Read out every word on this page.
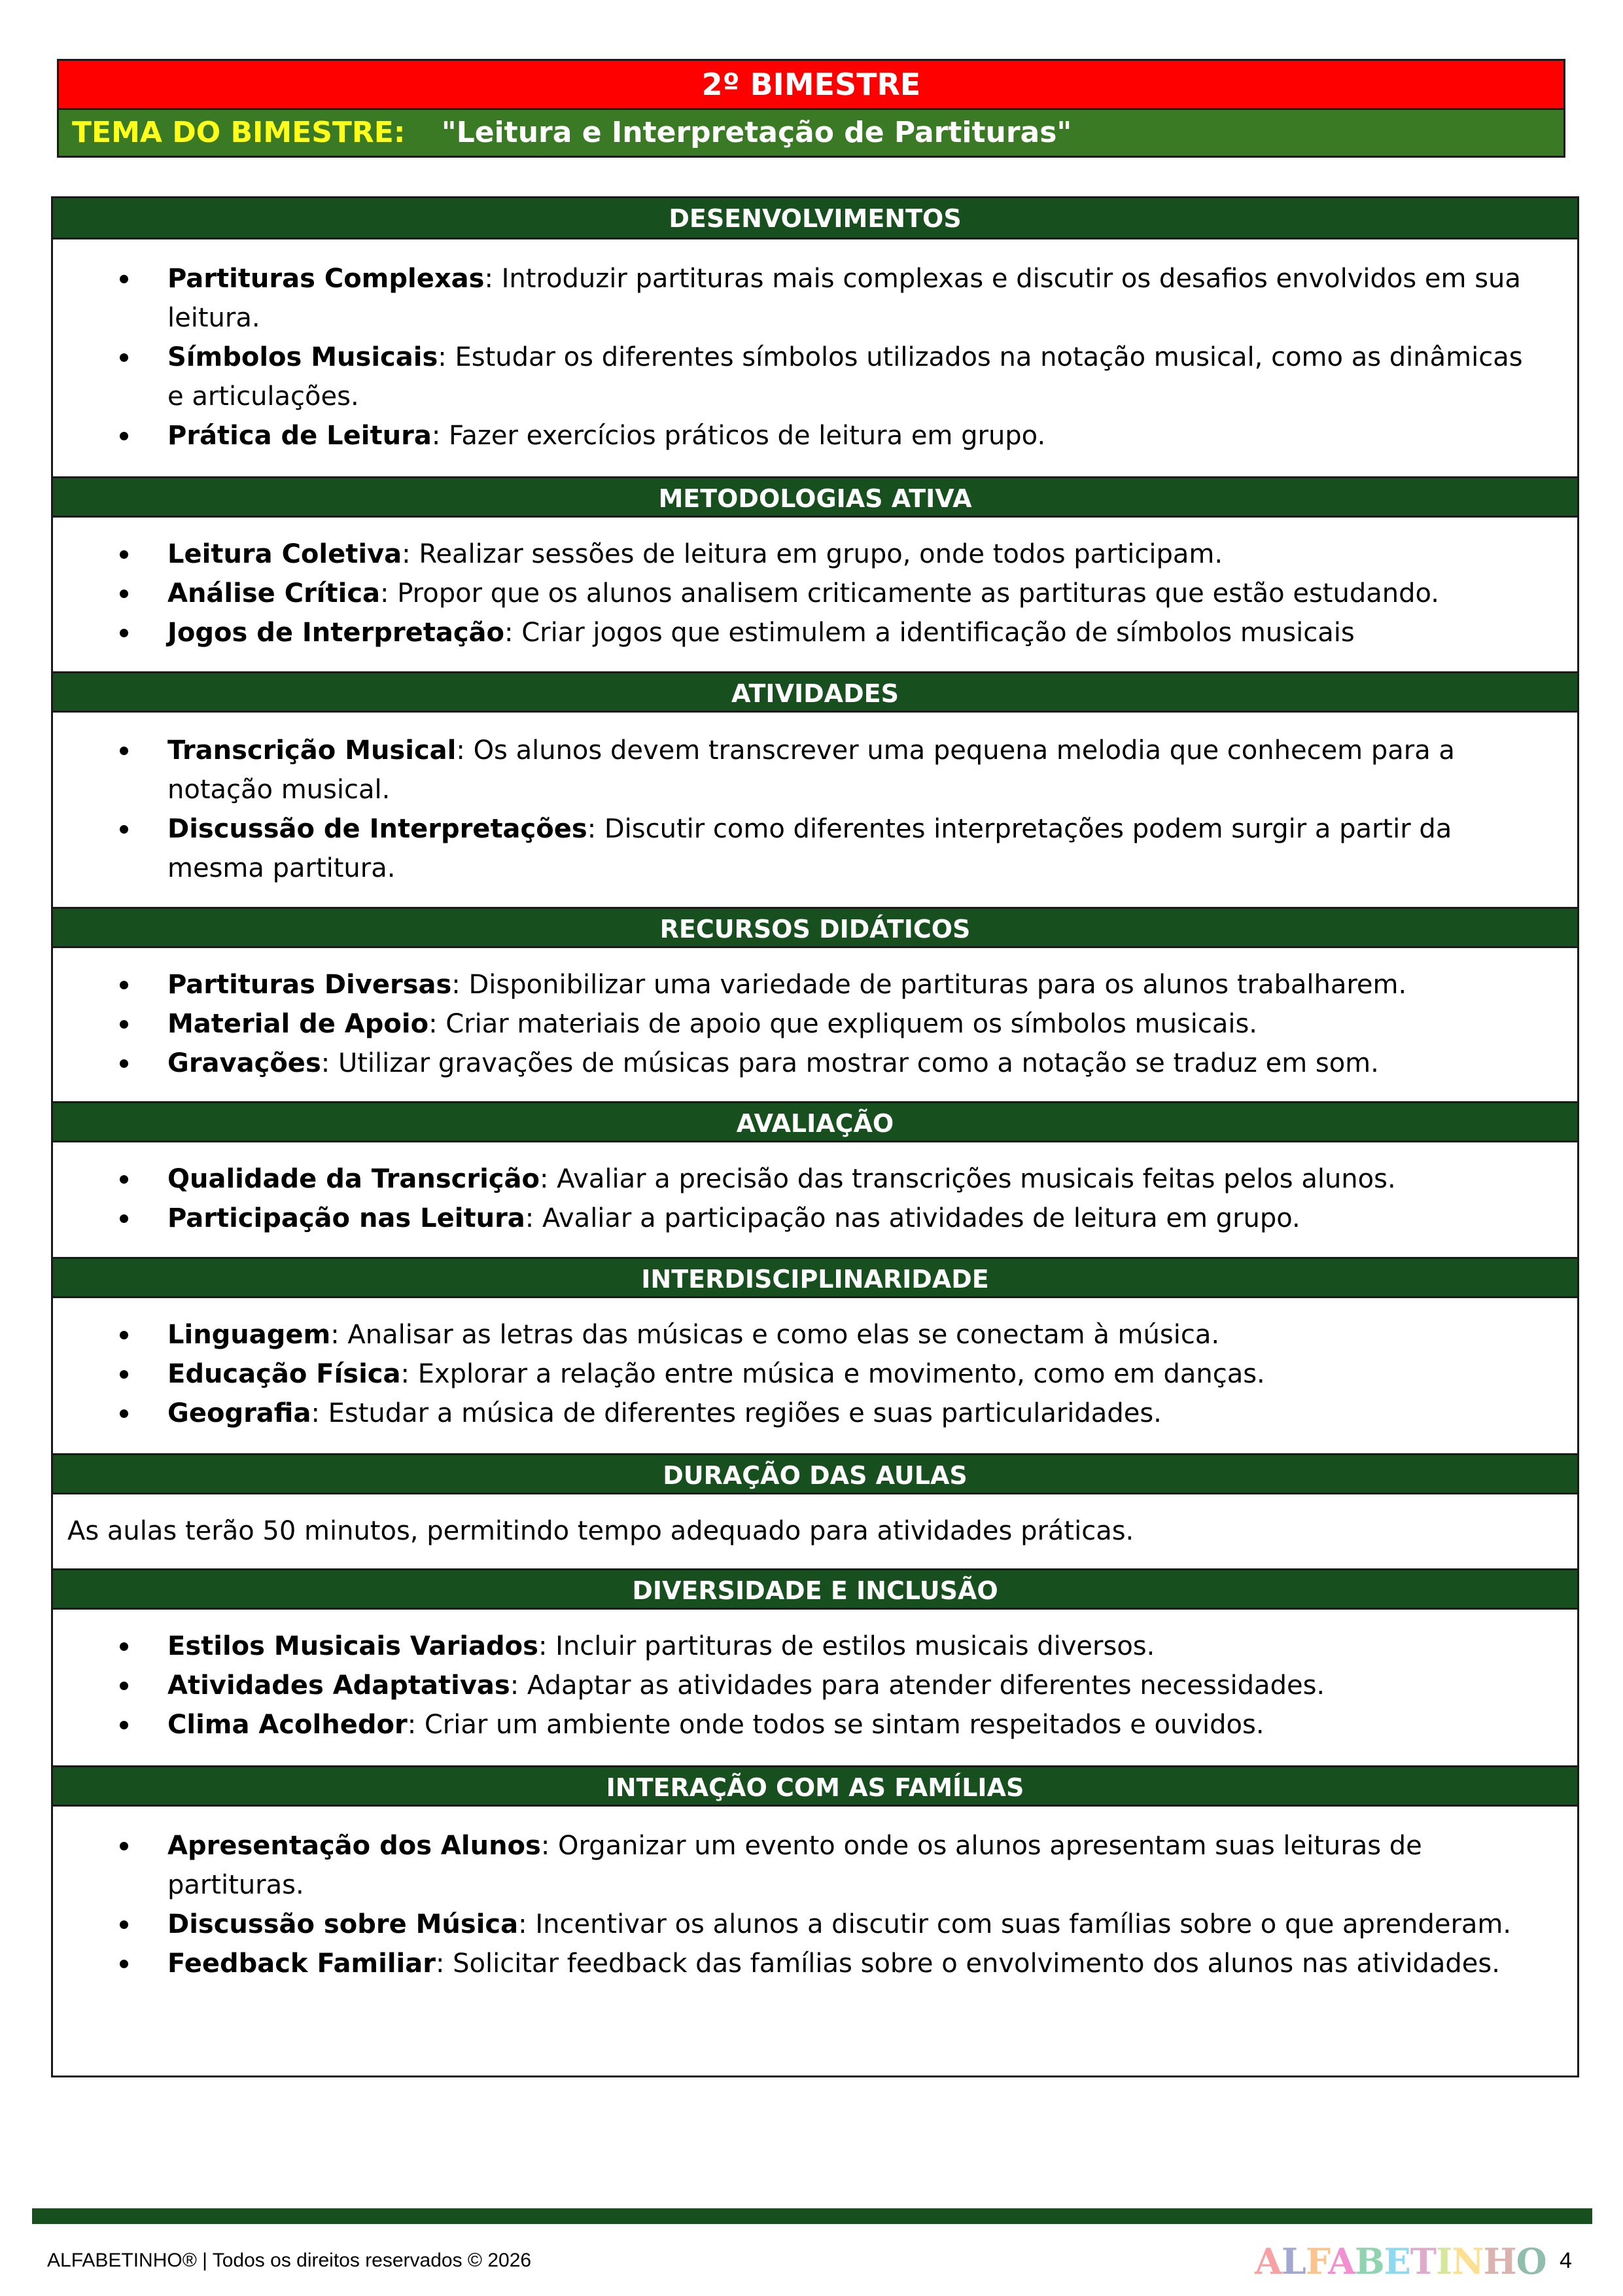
2º BIMESTRE
TEMA DO BIMESTRE: "Leitura e Interpretação de Partituras"
DESENVOLVIMENTOS
Partituras Complexas: Introduzir partituras mais complexas e discutir os desafios envolvidos em sua leitura.
Símbolos Musicais: Estudar os diferentes símbolos utilizados na notação musical, como as dinâmicas e articulações.
Prática de Leitura: Fazer exercícios práticos de leitura em grupo.
METODOLOGIAS ATIVA
Leitura Coletiva: Realizar sessões de leitura em grupo, onde todos participam.
Análise Crítica: Propor que os alunos analisem criticamente as partituras que estão estudando.
Jogos de Interpretação: Criar jogos que estimulem a identificação de símbolos musicais
ATIVIDADES
Transcrição Musical: Os alunos devem transcrever uma pequena melodia que conhecem para a notação musical.
Discussão de Interpretações: Discutir como diferentes interpretações podem surgir a partir da mesma partitura.
RECURSOS DIDÁTICOS
Partituras Diversas: Disponibilizar uma variedade de partituras para os alunos trabalharem.
Material de Apoio: Criar materiais de apoio que expliquem os símbolos musicais.
Gravações: Utilizar gravações de músicas para mostrar como a notação se traduz em som.
AVALIAÇÃO
Qualidade da Transcrição: Avaliar a precisão das transcrições musicais feitas pelos alunos.
Participação nas Leitura: Avaliar a participação nas atividades de leitura em grupo.
INTERDISCIPLINARIDADE
Linguagem: Analisar as letras das músicas e como elas se conectam à música.
Educação Física: Explorar a relação entre música e movimento, como em danças.
Geografia: Estudar a música de diferentes regiões e suas particularidades.
DURAÇÃO DAS AULAS
As aulas terão 50 minutos, permitindo tempo adequado para atividades práticas.
DIVERSIDADE E INCLUSÃO
Estilos Musicais Variados: Incluir partituras de estilos musicais diversos.
Atividades Adaptativas: Adaptar as atividades para atender diferentes necessidades.
Clima Acolhedor: Criar um ambiente onde todos se sintam respeitados e ouvidos.
INTERAÇÃO COM AS FAMÍLIAS
Apresentação dos Alunos: Organizar um evento onde os alunos apresentam suas leituras de partituras.
Discussão sobre Música: Incentivar os alunos a discutir com suas famílias sobre o que aprenderam.
Feedback Familiar: Solicitar feedback das famílias sobre o envolvimento dos alunos nas atividades.
ALFABETINHO® | Todos os direitos reservados © 2026	ALFABETINHO 4
